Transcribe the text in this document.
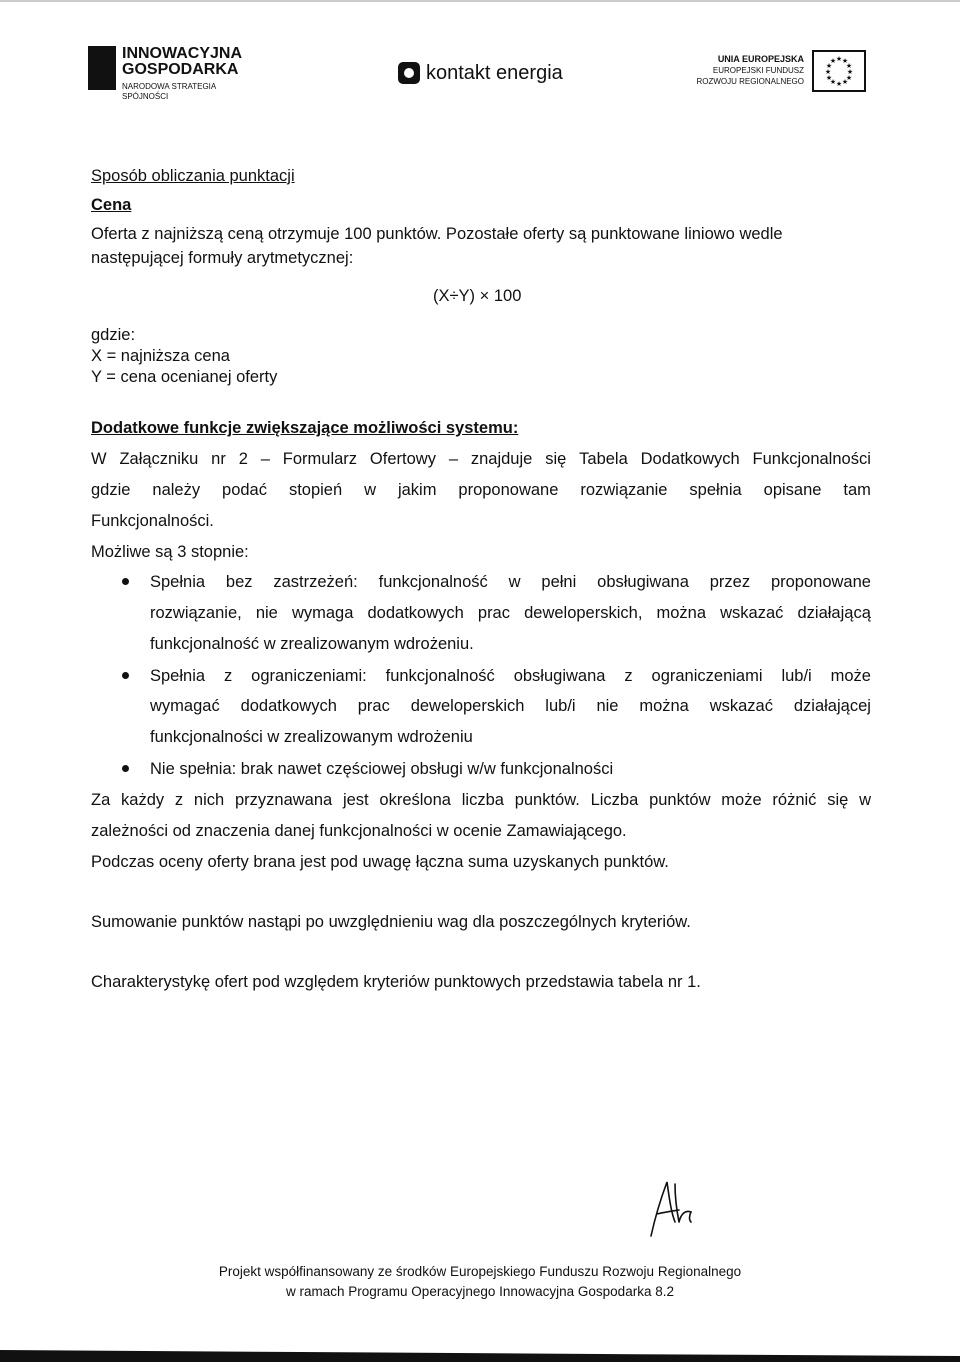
INNOWACYJNA
GOSPODARKA
NARODOWA STRATEGIA SPÓJNOŚCI
kontakt energia
UNIA EUROPEJSKA
EUROPEJSKI FUNDUSZ
ROZWOJU REGIONALNEGO
★ ★
★
★
★
★
★
★
★
★
★
★
Sposób obliczania punktacji
Cena
Oferta z najniższą ceną otrzymuje 100 punktów. Pozostałe oferty są punktowane liniowo wedle
następującej formuły arytmetycznej:
(X÷Y) × 100
gdzie:
X = najniższa cena
Y = cena ocenianej oferty
Dodatkowe funkcje zwiększające możliwości systemu:
W Załączniku nr 2 – Formularz Ofertowy – znajduje się Tabela Dodatkowych Funkcjonalności
gdzie należy podać stopień w jakim proponowane rozwiązanie spełnia opisane tam
Funkcjonalności.
Możliwe są 3 stopnie:
Spełnia bez zastrzeżeń: funkcjonalność w pełni obsługiwana przez proponowane
rozwiązanie, nie wymaga dodatkowych prac deweloperskich, można wskazać działającą
funkcjonalność w zrealizowanym wdrożeniu.
Spełnia z ograniczeniami: funkcjonalność obsługiwana z ograniczeniami lub/i może
wymagać dodatkowych prac deweloperskich lub/i nie można wskazać działającej
funkcjonalności w zrealizowanym wdrożeniu
Nie spełnia: brak nawet częściowej obsługi w/w funkcjonalności
Za każdy z nich przyznawana jest określona liczba punktów. Liczba punktów może różnić się w
zależności od znaczenia danej funkcjonalności w ocenie Zamawiającego.
Podczas oceny oferty brana jest pod uwagę łączna suma uzyskanych punktów.
Sumowanie punktów nastąpi po uwzględnieniu wag dla poszczególnych kryteriów.
Charakterystykę ofert pod względem kryteriów punktowych przedstawia tabela nr 1.
Projekt współfinansowany ze środków Europejskiego Funduszu Rozwoju Regionalnego
w ramach Programu Operacyjnego Innowacyjna Gospodarka 8.2
